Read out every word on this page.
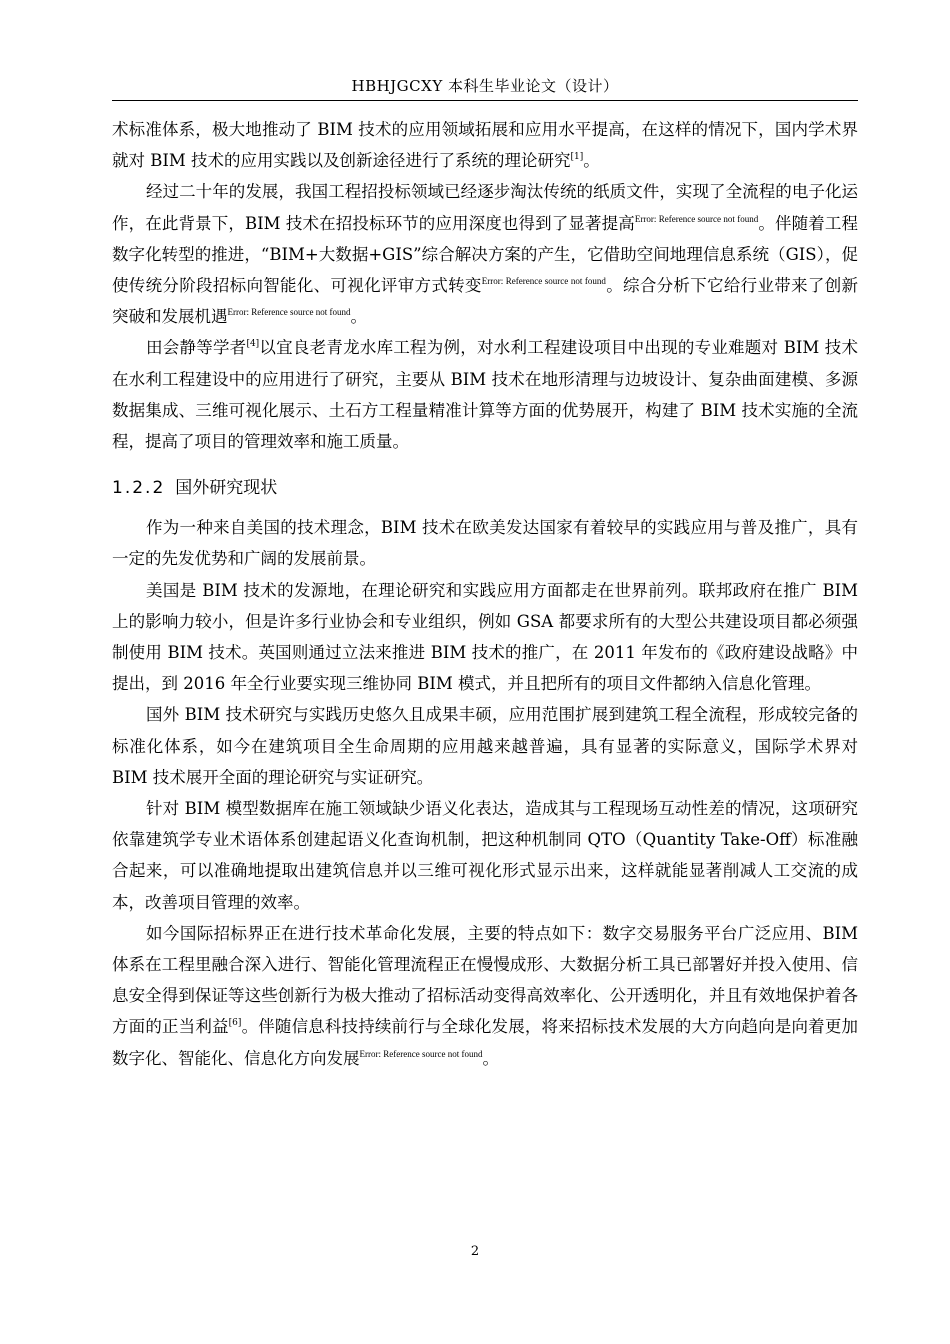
HBHJGCXY 本科生毕业论文（设计）

术标准体系，极大地推动了 BIM 技术的应用领域拓展和应用水平提高，在这样的情况下，国内学术界就对 BIM 技术的应用实践以及创新途径进行了系统的理论研究[1]。

经过二十年的发展，我国工程招投标领域已经逐步淘汰传统的纸质文件，实现了全流程的电子化运作，在此背景下，BIM 技术在招投标环节的应用深度也得到了显著提高$^{Error: Reference source not found}$。伴随着工程数字化转型的推进，“BIM+大数据+GIS”综合解决方案的产生，它借助空间地理信息系统（GIS），促使传统分阶段招标向智能化、可视化评审方式转变$^{Error: Reference source not found}$。综合分析下它给行业带来了创新突破和发展机遇$^{Error: Reference source not found}$。

田会静等学者[4]以宜良老青龙水库工程为例，对水利工程建设项目中出现的专业难题对 BIM 技术在水利工程建设中的应用进行了研究，主要从 BIM 技术在地形清理与边坡设计、复杂曲面建模、多源数据集成、三维可视化展示、土石方工程量精准计算等方面的优势展开，构建了 BIM 技术实施的全流程，提高了项目的管理效率和施工质量。

1.2.2 国外研究现状

作为一种来自美国的技术理念，BIM 技术在欧美发达国家有着较早的实践应用与普及推广，具有一定的先发优势和广阔的发展前景。

美国是 BIM 技术的发源地，在理论研究和实践应用方面都走在世界前列。联邦政府在推广 BIM 上的影响力较小，但是许多行业协会和专业组织，例如 GSA 都要求所有的大型公共建设项目都必须强制使用 BIM 技术。英国则通过立法来推进 BIM 技术的推广，在 2011 年发布的《政府建设战略》中提出，到 2016 年全行业要实现三维协同 BIM 模式，并且把所有的项目文件都纳入信息化管理。

国外 BIM 技术研究与实践历史悠久且成果丰硕，应用范围扩展到建筑工程全流程，形成较完备的标准化体系，如今在建筑项目全生命周期的应用越来越普遍，具有显著的实际意义，国际学术界对 BIM 技术展开全面的理论研究与实证研究。

针对 BIM 模型数据库在施工领域缺少语义化表达，造成其与工程现场互动性差的情况，这项研究依靠建筑学专业术语体系创建起语义化查询机制，把这种机制同 QTO（Quantity Take-Off）标准融合起来，可以准确地提取出建筑信息并以三维可视化形式显示出来，这样就能显著削减人工交流的成本，改善项目管理的效率。

如今国际招标界正在进行技术革命化发展，主要的特点如下：数字交易服务平台广泛应用、BIM 体系在工程里融合深入进行、智能化管理流程正在慢慢成形、大数据分析工具已部署好并投入使用、信息安全得到保证等这些创新行为极大推动了招标活动变得高效率化、公开透明化，并且有效地保护着各方面的正当利益[6]。伴随信息科技持续前行与全球化发展，将来招标技术发展的大方向趋向是向着更加数字化、智能化、信息化方向发展$^{Error: Reference source not found}$。

2
